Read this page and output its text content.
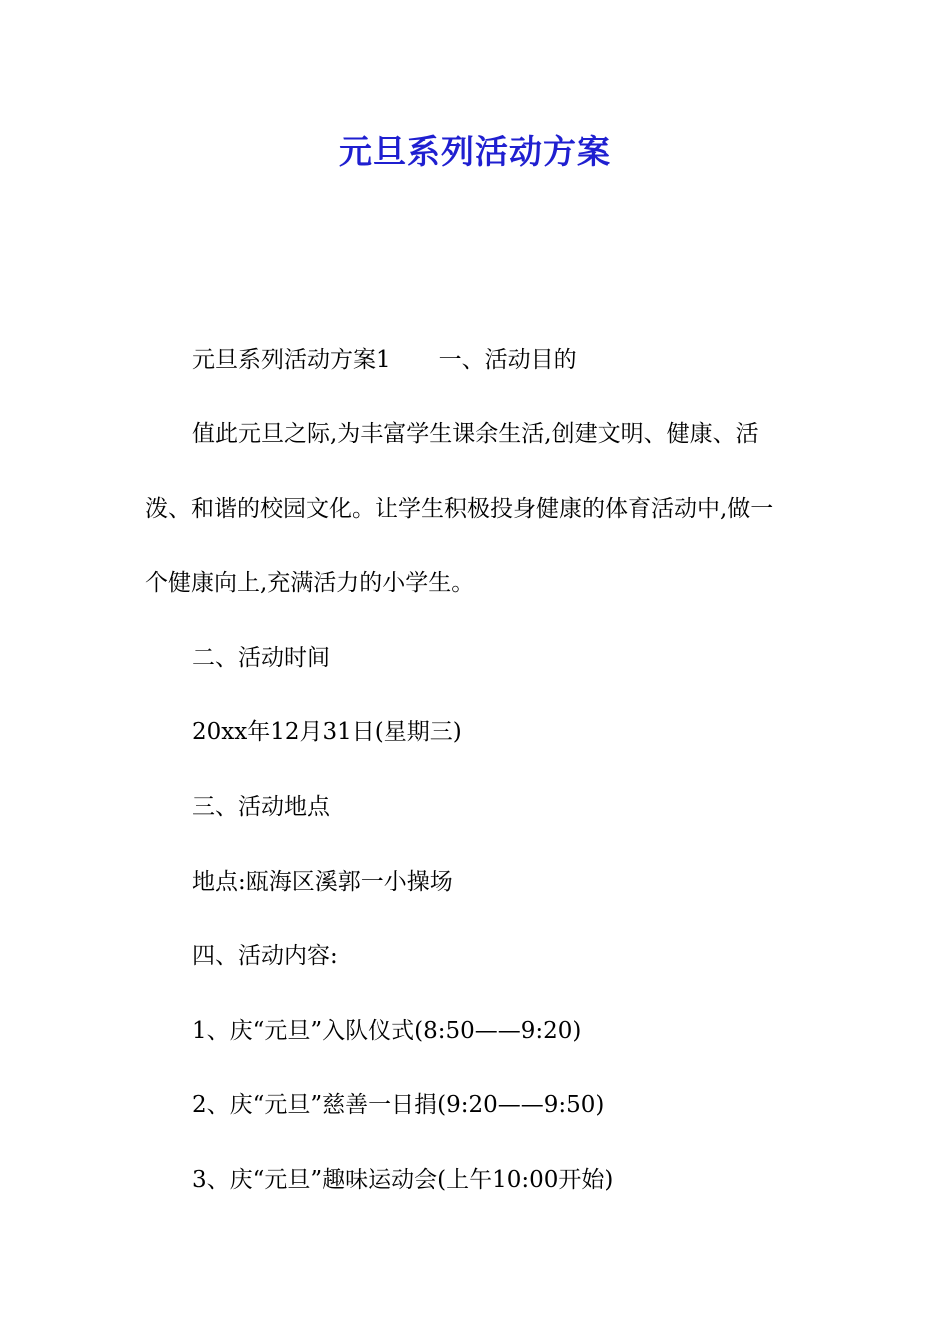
元旦系列活动方案
元旦系列活动方案1 一、活动目的
值此元旦之际,为丰富学生课余生活,创建文明、健康、活
泼、和谐的校园文化。让学生积极投身健康的体育活动中,做一
个健康向上,充满活力的小学生。
二、活动时间
20xx年12月31日(星期三)
三、活动地点
地点:瓯海区溪郭一小操场
四、活动内容:
1、庆“元旦”入队仪式(8:50——9:20)
2、庆“元旦”慈善一日捐(9:20——9:50)
3、庆“元旦”趣味运动会(上午10:00开始)
